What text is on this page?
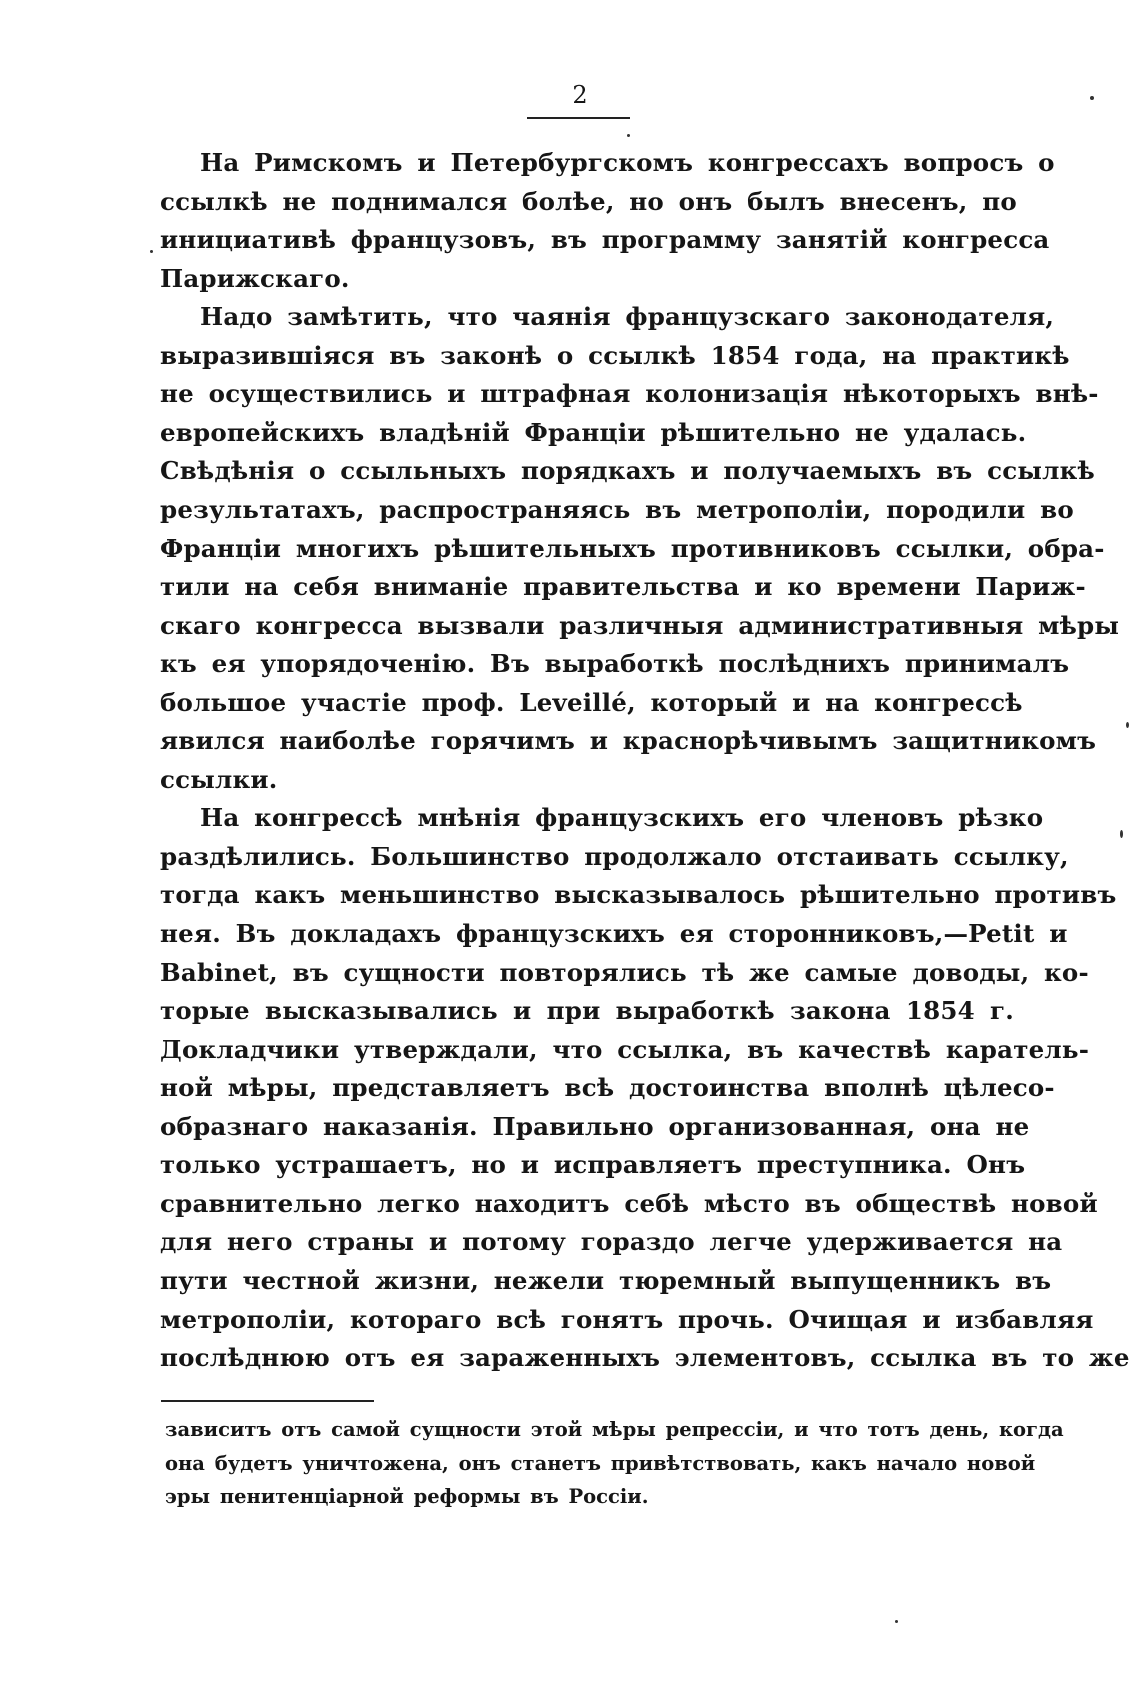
2
На Римскомъ и Петербургскомъ конгрессахъ вопросъ о
ссылкѣ не поднимался болѣе, но онъ былъ внесенъ, по
инициативѣ французовъ, въ программу занятій конгресса
Парижскаго.
Надо замѣтить, что чаянія французскаго законодателя,
выразившіяся въ законѣ о ссылкѣ 1854 года, на практикѣ
не осуществились и штрафная колонизація нѣкоторыхъ внѣ-
европейскихъ владѣній Франціи рѣшительно не удалась.
Свѣдѣнія о ссыльныхъ порядкахъ и получаемыхъ въ ссылкѣ
результатахъ, распространяясь въ метрополіи, породили во
Франціи многихъ рѣшительныхъ противниковъ ссылки, обра-
тили на себя вниманіе правительства и ко времени Париж-
скаго конгресса вызвали различныя административныя мѣры
къ ея упорядоченію. Въ выработкѣ послѣднихъ принималъ
большое участіе проф. Leveillé, который и на конгрессѣ
явился наиболѣе горячимъ и краснорѣчивымъ защитникомъ
ссылки.
На конгрессѣ мнѣнія французскихъ его членовъ рѣзко
раздѣлились. Большинство продолжало отстаивать ссылку,
тогда какъ меньшинство высказывалось рѣшительно противъ
нея. Въ докладахъ французскихъ ея сторонниковъ,—Petit и
Babinet, въ сущности повторялись тѣ же самые доводы, ко-
торые высказывались и при выработкѣ закона 1854 г.
Докладчики утверждали, что ссылка, въ качествѣ каратель-
ной мѣры, представляетъ всѣ достоинства вполнѣ цѣлесо-
образнаго наказанія. Правильно организованная, она не
только устрашаетъ, но и исправляетъ преступника. Онъ
сравнительно легко находитъ себѣ мѣсто въ обществѣ новой
для него страны и потому гораздо легче удерживается на
пути честной жизни, нежели тюремный выпущенникъ въ
метрополіи, котораго всѣ гонятъ прочь. Очищая и избавляя
послѣднюю отъ ея зараженныхъ элементовъ, ссылка въ то же
зависитъ отъ самой сущности этой мѣры репрессіи, и что тотъ день, когда
она будетъ уничтожена, онъ станетъ привѣтствовать, какъ начало новой
эры пенитенціарной реформы въ Россіи.
